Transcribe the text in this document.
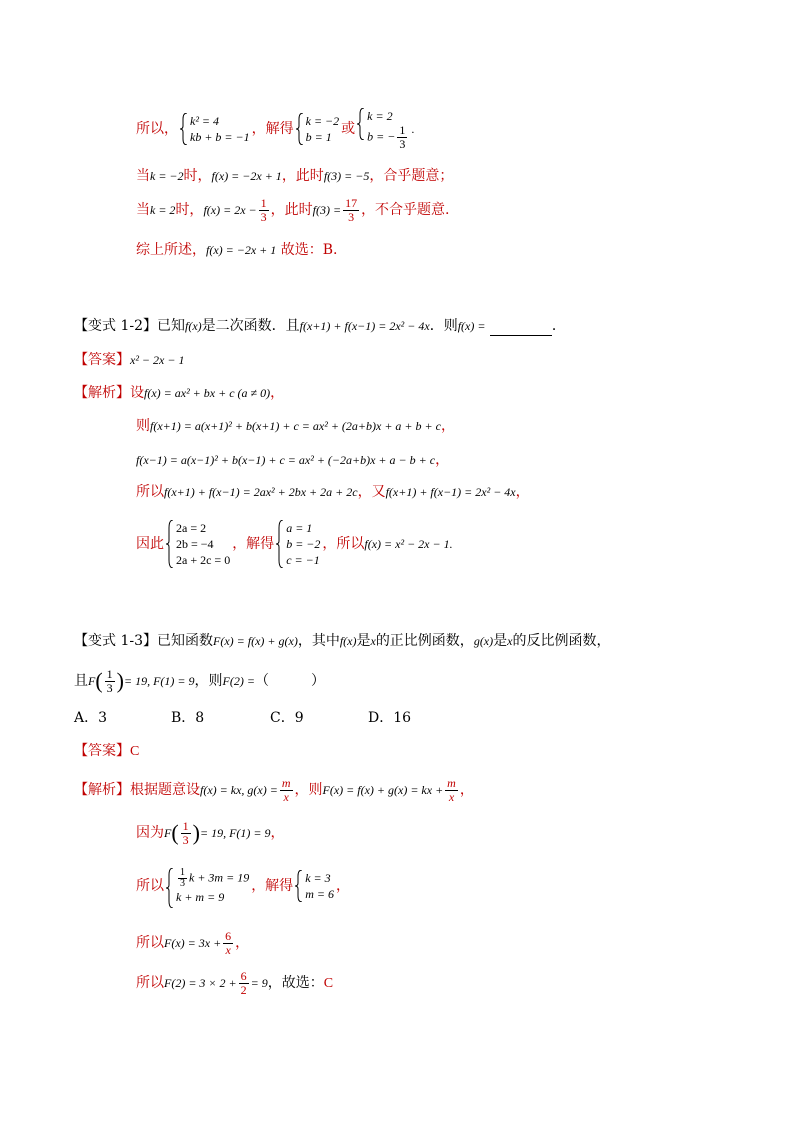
所以， k² = 4
kb + b = −1 ，解得 k = −2
b = 1 或
k = 2
b = − $\frac{1}{3}$ .
当k = −2时，f(x) = −2x + 1，此时f(3) = −5，合乎题意；
当k = 2时，$f(x) = 2x - \frac{1}{3}$ ，此时$f(3) = \frac{17}{3}$ ，不合乎题意.
综上所述，f(x) = −2x + 1 故选：B.
【变式 1-2】已知f(x)是二次函数．且f(x+1) + f(x−1) = 2x² − 4x．则f(x) =	．
【答案】x² − 2x − 1
【解析】设f(x) = ax² + bx + c (a ≠ 0)，
则f(x+1) = a(x+1)² + b(x+1) + c = ax² + (2a+b)x + a + b + c，
f(x−1) = a(x−1)² + b(x−1) + c = ax² + (−2a+b)x + a − b + c，
所以f(x+1) + f(x−1) = 2ax² + 2bx + 2a + 2c，又f(x+1) + f(x−1) = 2x² − 4x，
因此
2a = 2
2b = −4
2a + 2c = 0
，解得
a = 1
b = −2
c = −1
，所以f(x) = x² − 2x − 1.
【变式 1-3】已知函数F(x) = f(x) + g(x)，其中f(x)是x的正比例函数，g(x)是x的反比例函数，
且$F( \frac{1}{3}$ )= 19, F(1) = 9，则F(2) =（　　　）
A．3	B．8	C．9	D．16
【答案】C
【解析】根据题意设f(x) = kx, $g(x) = \frac{m}{x}$ ，则F(x) = f(x) + g(x) = kx + $\frac{m}{x}$ ，
因为$F( \frac{1}{3}$ )= 19, F(1) = 9，
所以 $\frac{1}{3}$ k + 3m = 19
k + m = 9
，解得 k = 3
m = 6 ，
所以$F(x) = 3x + \frac{6}{x}$ ，
所以$F(2) = 3 \times 2 + \frac{6}{2} = 9$，故选：C
